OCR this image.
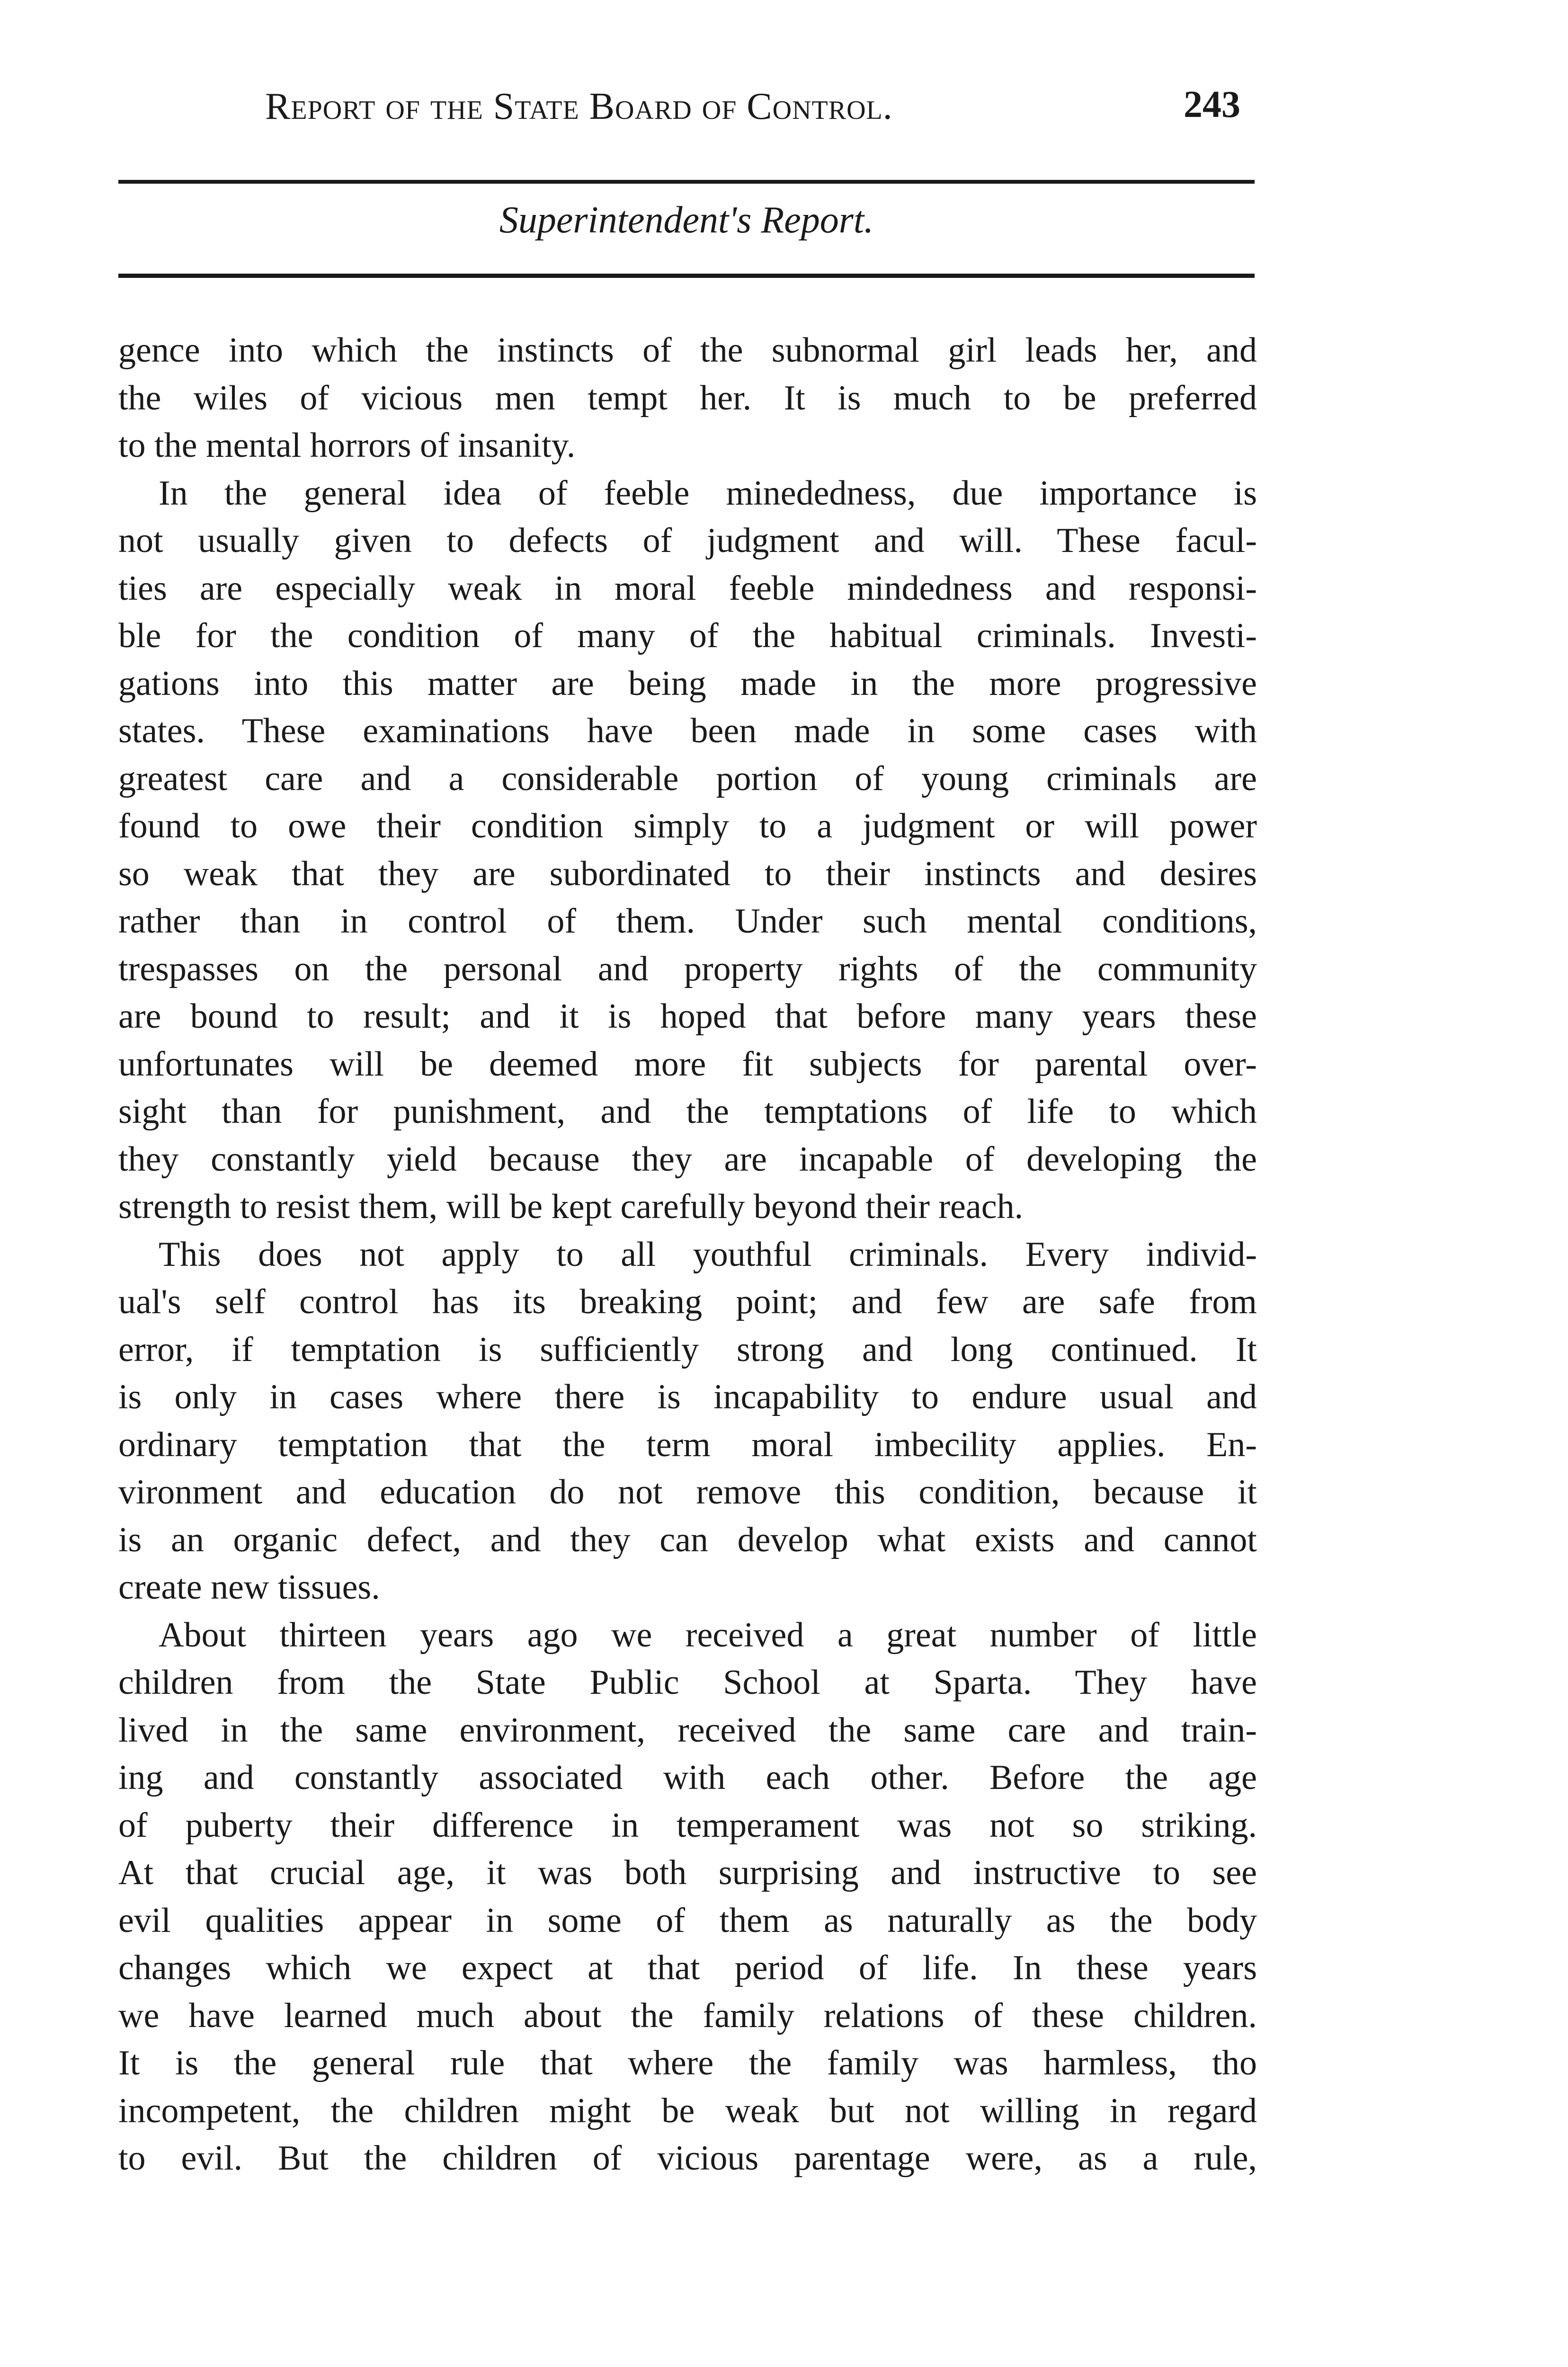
Report of the State Board of Control.	243
Superintendent's Report.

gence into which the instincts of the subnormal girl leads her, and

the wiles of vicious men tempt her. It is much to be preferred

to the mental horrors of insanity.

In the general idea of feeble minededness, due importance is

not usually given to defects of judgment and will. These facul-

ties are especially weak in moral feeble mindedness and responsi-

ble for the condition of many of the habitual criminals. Investi-

gations into this matter are being made in the more progressive

states. These examinations have been made in some cases with

greatest care and a considerable portion of young criminals are

found to owe their condition simply to a judgment or will power

so weak that they are subordinated to their instincts and desires

rather than in control of them. Under such mental conditions,

trespasses on the personal and property rights of the community

are bound to result; and it is hoped that before many years these

unfortunates will be deemed more fit subjects for parental over-

sight than for punishment, and the temptations of life to which

they constantly yield because they are incapable of developing the

strength to resist them, will be kept carefully beyond their reach.

This does not apply to all youthful criminals. Every individ-

ual's self control has its breaking point; and few are safe from

error, if temptation is sufficiently strong and long continued. It

is only in cases where there is incapability to endure usual and

ordinary temptation that the term moral imbecility applies. En-

vironment and education do not remove this condition, because it

is an organic defect, and they can develop what exists and cannot

create new tissues.

About thirteen years ago we received a great number of little

children from the State Public School at Sparta. They have

lived in the same environment, received the same care and train-

ing and constantly associated with each other. Before the age

of puberty their difference in temperament was not so striking.

At that crucial age, it was both surprising and instructive to see

evil qualities appear in some of them as naturally as the body

changes which we expect at that period of life. In these years

we have learned much about the family relations of these children.

It is the general rule that where the family was harmless, tho

incompetent, the children might be weak but not willing in regard

to evil. But the children of vicious parentage were, as a rule,
